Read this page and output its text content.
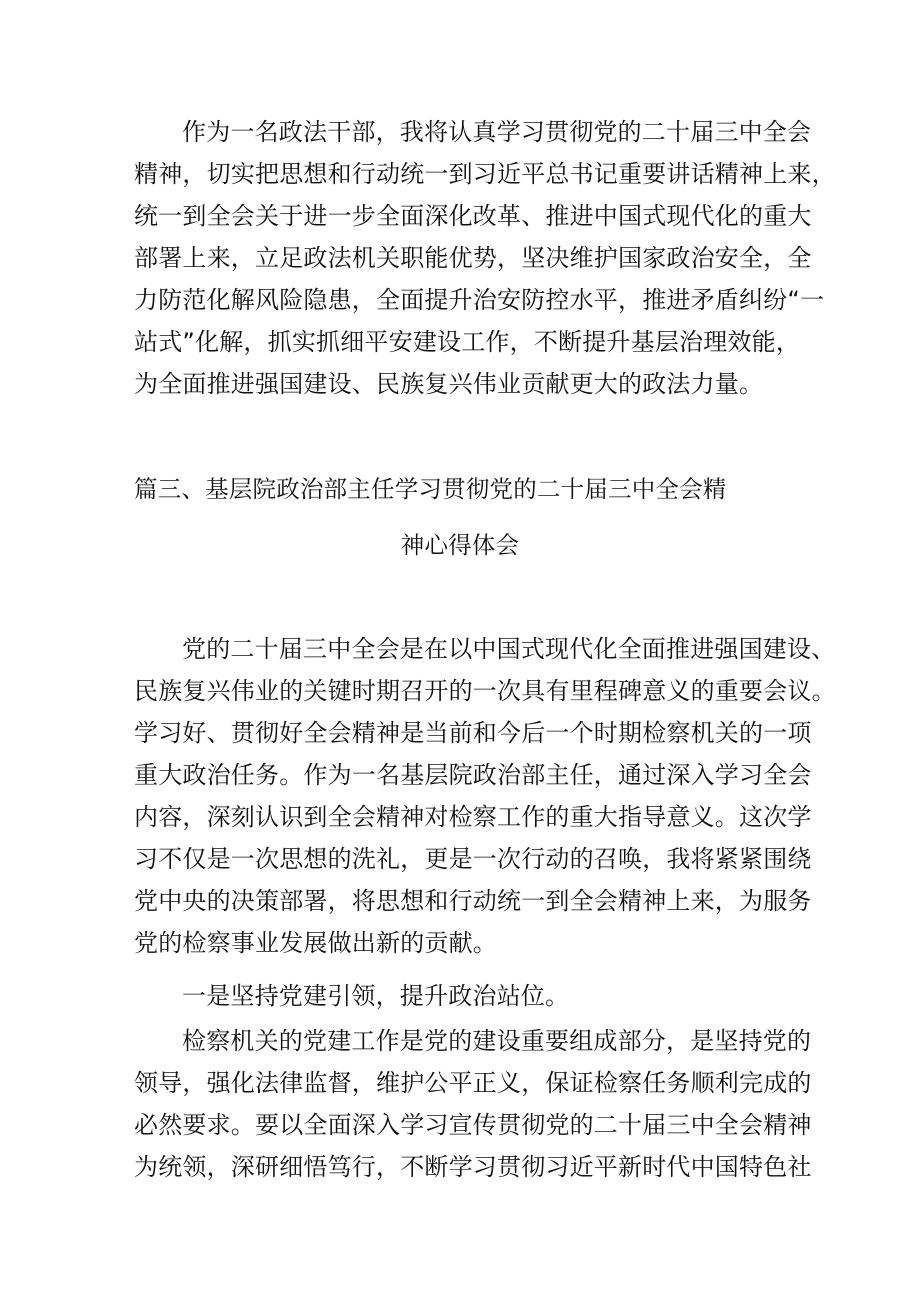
作为一名政法干部，我将认真学习贯彻党的二十届三中全会
精神，切实把思想和行动统一到习近平总书记重要讲话精神上来，
统一到全会关于进一步全面深化改革、推进中国式现代化的重大
部署上来，立足政法机关职能优势，坚决维护国家政治安全，全
力防范化解风险隐患，全面提升治安防控水平，推进矛盾纠纷“一
站式”化解，抓实抓细平安建设工作，不断提升基层治理效能，
为全面推进强国建设、民族复兴伟业贡献更大的政法力量。
篇三、基层院政治部主任学习贯彻党的二十届三中全会精
神心得体会
党的二十届三中全会是在以中国式现代化全面推进强国建设、
民族复兴伟业的关键时期召开的一次具有里程碑意义的重要会议。
学习好、贯彻好全会精神是当前和今后一个时期检察机关的一项
重大政治任务。作为一名基层院政治部主任，通过深入学习全会
内容，深刻认识到全会精神对检察工作的重大指导意义。这次学
习不仅是一次思想的洗礼，更是一次行动的召唤，我将紧紧围绕
党中央的决策部署，将思想和行动统一到全会精神上来，为服务
党的检察事业发展做出新的贡献。
一是坚持党建引领，提升政治站位。
检察机关的党建工作是党的建设重要组成部分，是坚持党的
领导，强化法律监督，维护公平正义，保证检察任务顺利完成的
必然要求。要以全面深入学习宣传贯彻党的二十届三中全会精神
为统领，深研细悟笃行，不断学习贯彻习近平新时代中国特色社
